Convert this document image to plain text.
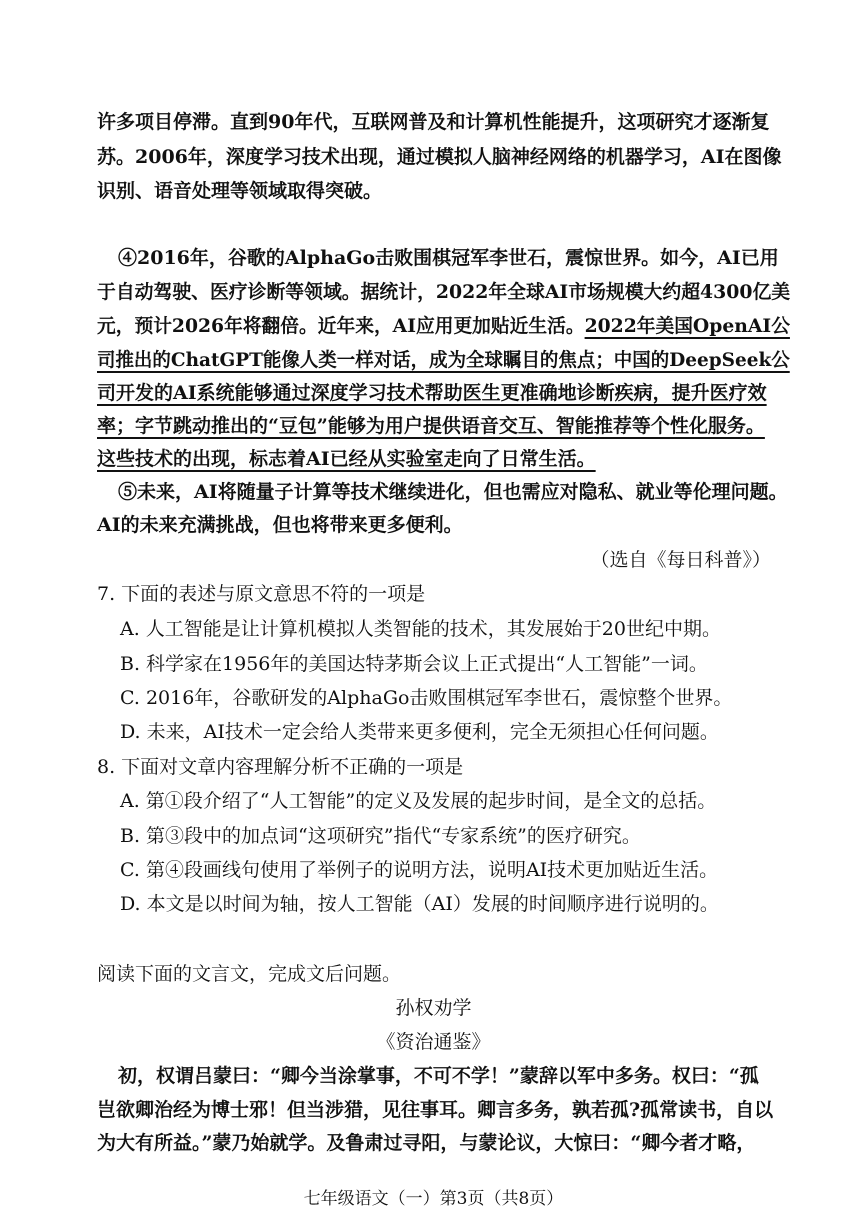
许多项目停滞。直到90年代，互联网普及和计算机性能提升，这项研究才逐渐复
苏。2006年，深度学习技术出现，通过模拟人脑神经网络的机器学习，AI在图像
识别、语音处理等领域取得突破。
④2016年，谷歌的AlphaGo击败围棋冠军李世石，震惊世界。如今，AI已用
于自动驾驶、医疗诊断等领域。据统计，2022年全球AI市场规模大约超4300亿美
元，预计2026年将翻倍。近年来，AI应用更加贴近生活。2022年美国OpenAI公
司推出的ChatGPT能像人类一样对话，成为全球瞩目的焦点；中国的DeepSeek公
司开发的AI系统能够通过深度学习技术帮助医生更准确地诊断疾病，提升医疗效
率；字节跳动推出的“豆包”能够为用户提供语音交互、智能推荐等个性化服务。
这些技术的出现，标志着AI已经从实验室走向了日常生活。
⑤未来，AI将随量子计算等技术继续进化，但也需应对隐私、就业等伦理问题。
AI的未来充满挑战，但也将带来更多便利。
（选自《每日科普》）
7. 下面的表述与原文意思不符的一项是
A. 人工智能是让计算机模拟人类智能的技术，其发展始于20世纪中期。
B. 科学家在1956年的美国达特茅斯会议上正式提出“人工智能”一词。
C. 2016年，谷歌研发的AlphaGo击败围棋冠军李世石，震惊整个世界。
D. 未来，AI技术一定会给人类带来更多便利，完全无须担心任何问题。
8. 下面对文章内容理解分析不正确的一项是
A. 第①段介绍了“人工智能”的定义及发展的起步时间，是全文的总括。
B. 第③段中的加点词“这项研究”指代“专家系统”的医疗研究。
C. 第④段画线句使用了举例子的说明方法，说明AI技术更加贴近生活。
D. 本文是以时间为轴，按人工智能（AI）发展的时间顺序进行说明的。
阅读下面的文言文，完成文后问题。
孙权劝学
《资治通鉴》
初，权谓吕蒙曰：“卿今当涂掌事，不可不学！”蒙辞以军中多务。权曰：“孤
岂欲卿治经为博士邪！但当涉猎，见往事耳。卿言多务，孰若孤?孤常读书，自以
为大有所益。”蒙乃始就学。及鲁肃过寻阳，与蒙论议，大惊曰：“卿今者才略，
七年级语文（一）第3页（共8页）
